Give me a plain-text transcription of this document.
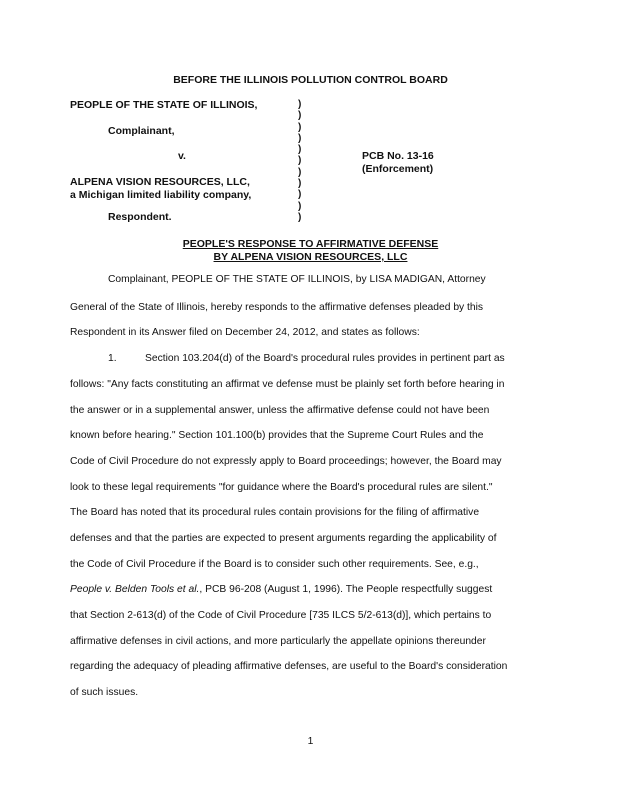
BEFORE THE ILLINOIS POLLUTION CONTROL BOARD
PEOPLE OF THE STATE OF ILLINOIS,
Complainant,
v.
ALPENA VISION RESOURCES, LLC,
a Michigan limited liability company,
Respondent.
)
)
)
)
)
)
)
)
)
)
)
PCB No. 13-16
(Enforcement)
PEOPLE'S RESPONSE TO AFFIRMATIVE DEFENSE
BY ALPENA VISION RESOURCES, LLC
Complainant, PEOPLE OF THE STATE OF ILLINOIS, by LISA MADIGAN, Attorney
General of the State of Illinois, hereby responds to the affirmative defenses pleaded by this
Respondent in its Answer filed on December 24, 2012, and states as follows:
1.	Section 103.204(d) of the Board's procedural rules provides in pertinent part as
follows: "Any facts constituting an affirmat ve defense must be plainly set forth before hearing in
the answer or in a supplemental answer, unless the affirmative defense could not have been
known before hearing." Section 101.100(b) provides that the Supreme Court Rules and the
Code of Civil Procedure do not expressly apply to Board proceedings; however, the Board may
look to these legal requirements "for guidance where the Board's procedural rules are silent."
The Board has noted that its procedural rules contain provisions for the filing of affirmative
defenses and that the parties are expected to present arguments regarding the applicability of
the Code of Civil Procedure if the Board is to consider such other requirements. See, e.g.,
People v. Belden Tools et al., PCB 96-208 (August 1, 1996). The People respectfully suggest
that Section 2-613(d) of the Code of Civil Procedure [735 ILCS 5/2-613(d)], which pertains to
affirmative defenses in civil actions, and more particularly the appellate opinions thereunder
regarding the adequacy of pleading affirmative defenses, are useful to the Board's consideration
of such issues.
1
